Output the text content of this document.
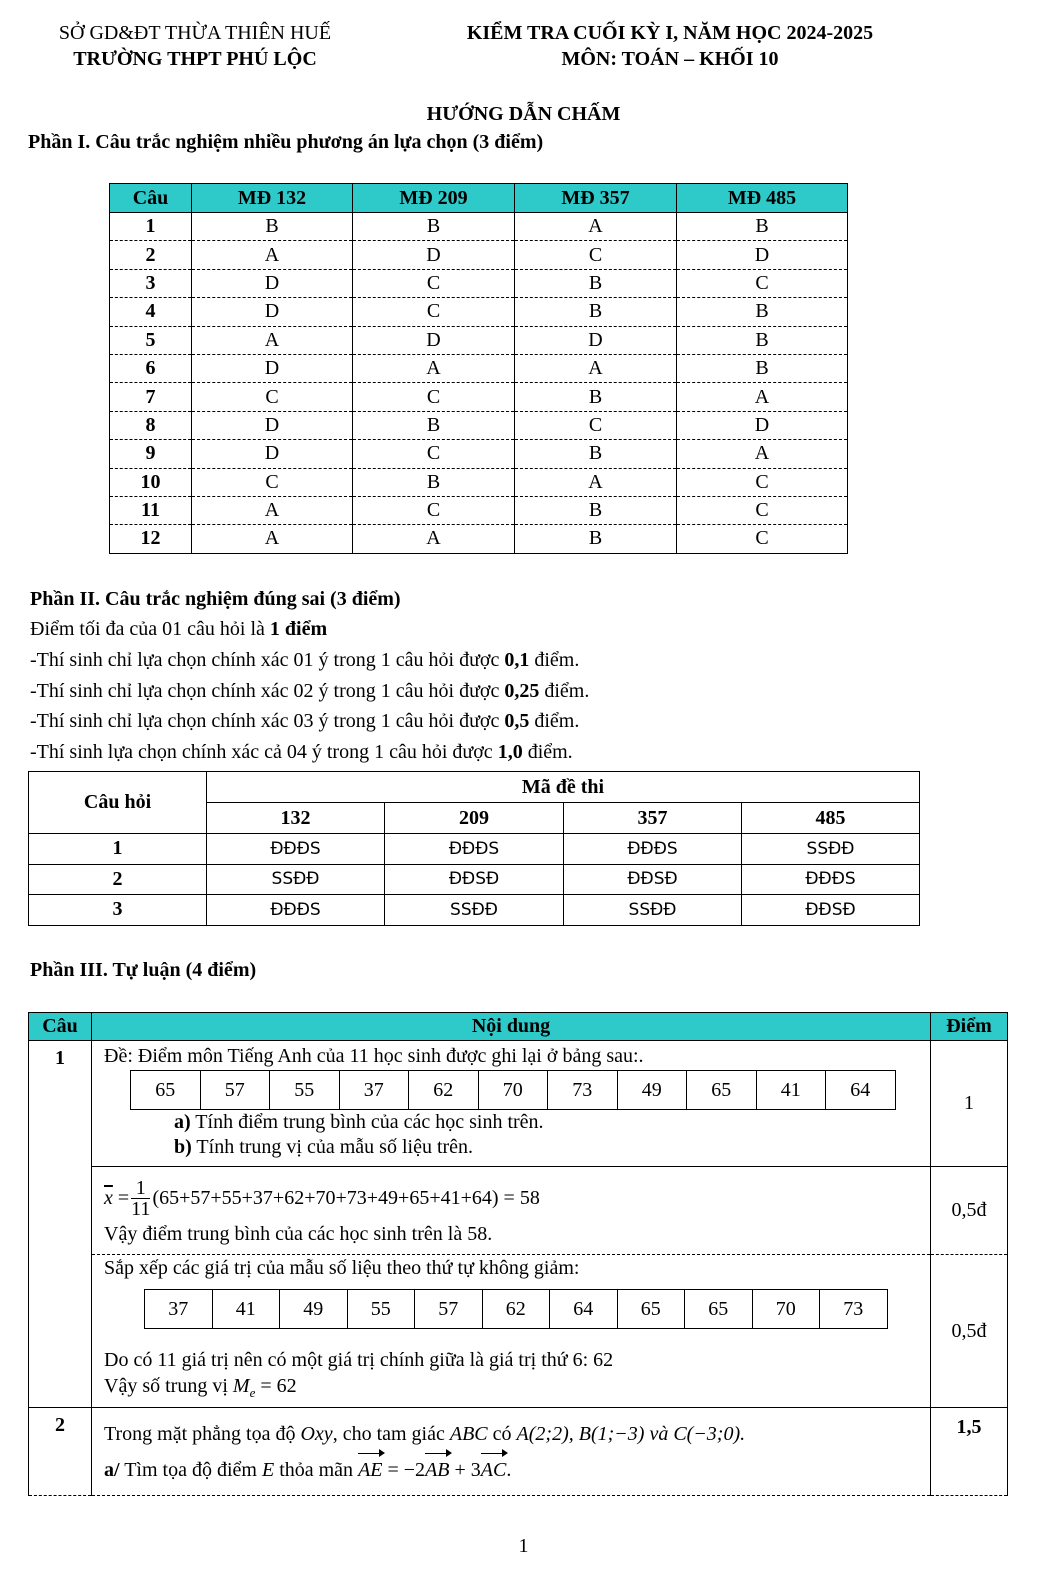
SỞ GD&ĐT THỪA THIÊN HUẾ
TRƯỜNG THPT PHÚ LỘC
KIỂM TRA CUỐI KỲ I, NĂM HỌC 2024-2025
MÔN: TOÁN – KHỐI 10
HƯỚNG DẪN CHẤM
Phần I. Câu trắc nghiệm nhiều phương án lựa chọn (3 điểm)
Câu	MĐ 132	MĐ 209	MĐ 357	MĐ 485
1	B	B	A	B
2	A	D	C	D
3	D	C	B	C
4	D	C	B	B
5	A	D	D	B
6	D	A	A	B
7	C	C	B	A
8	D	B	C	D
9	D	C	B	A
10	C	B	A	C
11	A	C	B	C
12	A	A	B	C
Phần II. Câu trắc nghiệm đúng sai (3 điểm)
Điểm tối đa của 01 câu hỏi là 1 điểm
-Thí sinh chỉ lựa chọn chính xác 01 ý trong 1 câu hỏi được 0,1 điểm.
-Thí sinh chỉ lựa chọn chính xác 02 ý trong 1 câu hỏi được 0,25 điểm.
-Thí sinh chỉ lựa chọn chính xác 03 ý trong 1 câu hỏi được 0,5 điểm.
-Thí sinh lựa chọn chính xác cả 04 ý trong 1 câu hỏi được 1,0 điểm.
Câu hỏi	Mã đề thi			
	132	209	357	485
1	ĐĐĐS	ĐĐĐS	ĐĐĐS	SSĐĐ
2	SSĐĐ	ĐĐSĐ	ĐĐSĐ	ĐĐĐS
3	ĐĐĐS	SSĐĐ	SSĐĐ	ĐĐSĐ
Phần III. Tự luận (4 điểm)
Câu	Nội dung	Điểm
1	Đề: Điểm môn Tiếng Anh của 11 học sinh được ghi lại ở bảng sau:.
65	57	55	37	62	70	73	49	65	41	64
a) Tính điểm trung bình của các học sinh trên.
b) Tính trung vị của mẫu số liệu trên.
	1

$\overline{x} = \frac{1}{11} (65+57+55+37+62+70+73+49+65+41+64) = 58$
Vậy điểm trung bình của các học sinh trên là 58.
	0,5đ

Sắp xếp các giá trị của mẫu số liệu theo thứ tự không giảm:
37	41	49	55	57	62	64	65	65	70	73
Do có 11 giá trị nên có một giá trị chính giữa là giá trị thứ 6: 62
Vậy số trung vị $M_e = 62$
	0,5đ
2	Trong mặt phẳng tọa độ Oxy, cho tam giác ABC có A(2;2), B(1;−3) và C(−3;0).
a/ Tìm tọa độ điểm E thỏa mãn AE = −2AB + 3AC.
	1,5
1
